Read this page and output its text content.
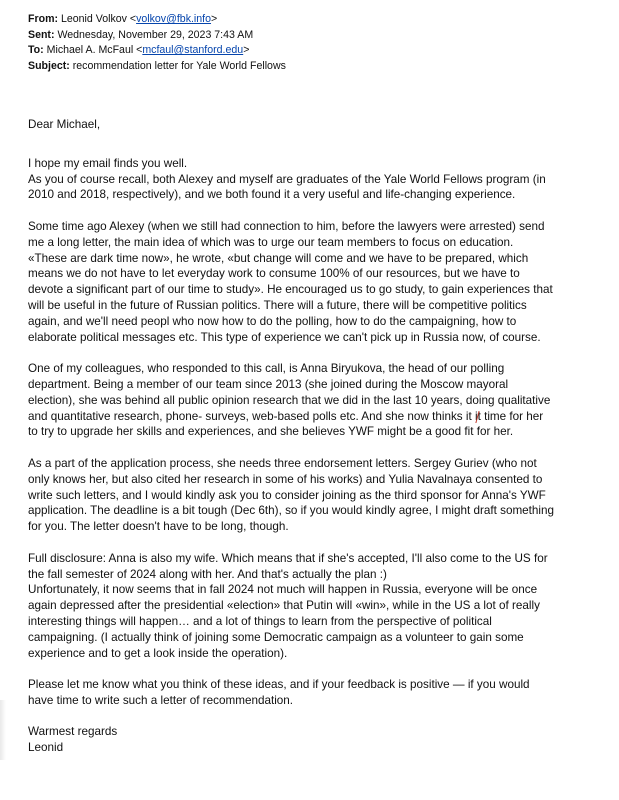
From: Leonid Volkov <volkov@fbk.info>
Sent: Wednesday, November 29, 2023 7:43 AM
To: Michael A. McFaul <mcfaul@stanford.edu>
Subject: recommendation letter for Yale World Fellows
Dear Michael,
I hope my email finds you well.
As you of course recall, both Alexey and myself are graduates of the Yale World Fellows program (in
2010 and 2018, respectively), and we both found it a very useful and life-changing experience.
Some time ago Alexey (when we still had connection to him, before the lawyers were arrested) send
me a long letter, the main idea of which was to urge our team members to focus on education.
«These are dark time now», he wrote, «but change will come and we have to be prepared, which
means we do not have to let everyday work to consume 100% of our resources, but we have to
devote a significant part of our time to study». He encouraged us to go study, to gain experiences that
will be useful in the future of Russian politics. There will a future, there will be competitive politics
again, and we'll need peopl who now how to do the polling, how to do the campaigning, how to
elaborate political messages etc. This type of experience we can't pick up in Russia now, of course.
One of my colleagues, who responded to this call, is Anna Biryukova, the head of our polling
department. Being a member of our team since 2013 (she joined during the Moscow mayoral
election), she was behind all public opinion research that we did in the last 10 years, doing qualitative
and quantitative research, phone- surveys, web-based polls etc. And she now thinks it it time for her
to try to upgrade her skills and experiences, and she believes YWF might be a good fit for her.
As a part of the application process, she needs three endorsement letters. Sergey Guriev (who not
only knows her, but also cited her research in some of his works) and Yulia Navalnaya consented to
write such letters, and I would kindly ask you to consider joining as the third sponsor for Anna's YWF
application. The deadline is a bit tough (Dec 6th), so if you would kindly agree, I might draft something
for you. The letter doesn't have to be long, though.
Full disclosure: Anna is also my wife. Which means that if she's accepted, I'll also come to the US for
the fall semester of 2024 along with her. And that's actually the plan :)
Unfortunately, it now seems that in fall 2024 not much will happen in Russia, everyone will be once
again depressed after the presidential «election» that Putin will «win», while in the US a lot of really
interesting things will happen… and a lot of things to learn from the perspective of political
campaigning. (I actually think of joining some Democratic campaign as a volunteer to gain some
experience and to get a look inside the operation).
Please let me know what you think of these ideas, and if your feedback is positive — if you would
have time to write such a letter of recommendation.
Warmest regards
Leonid
